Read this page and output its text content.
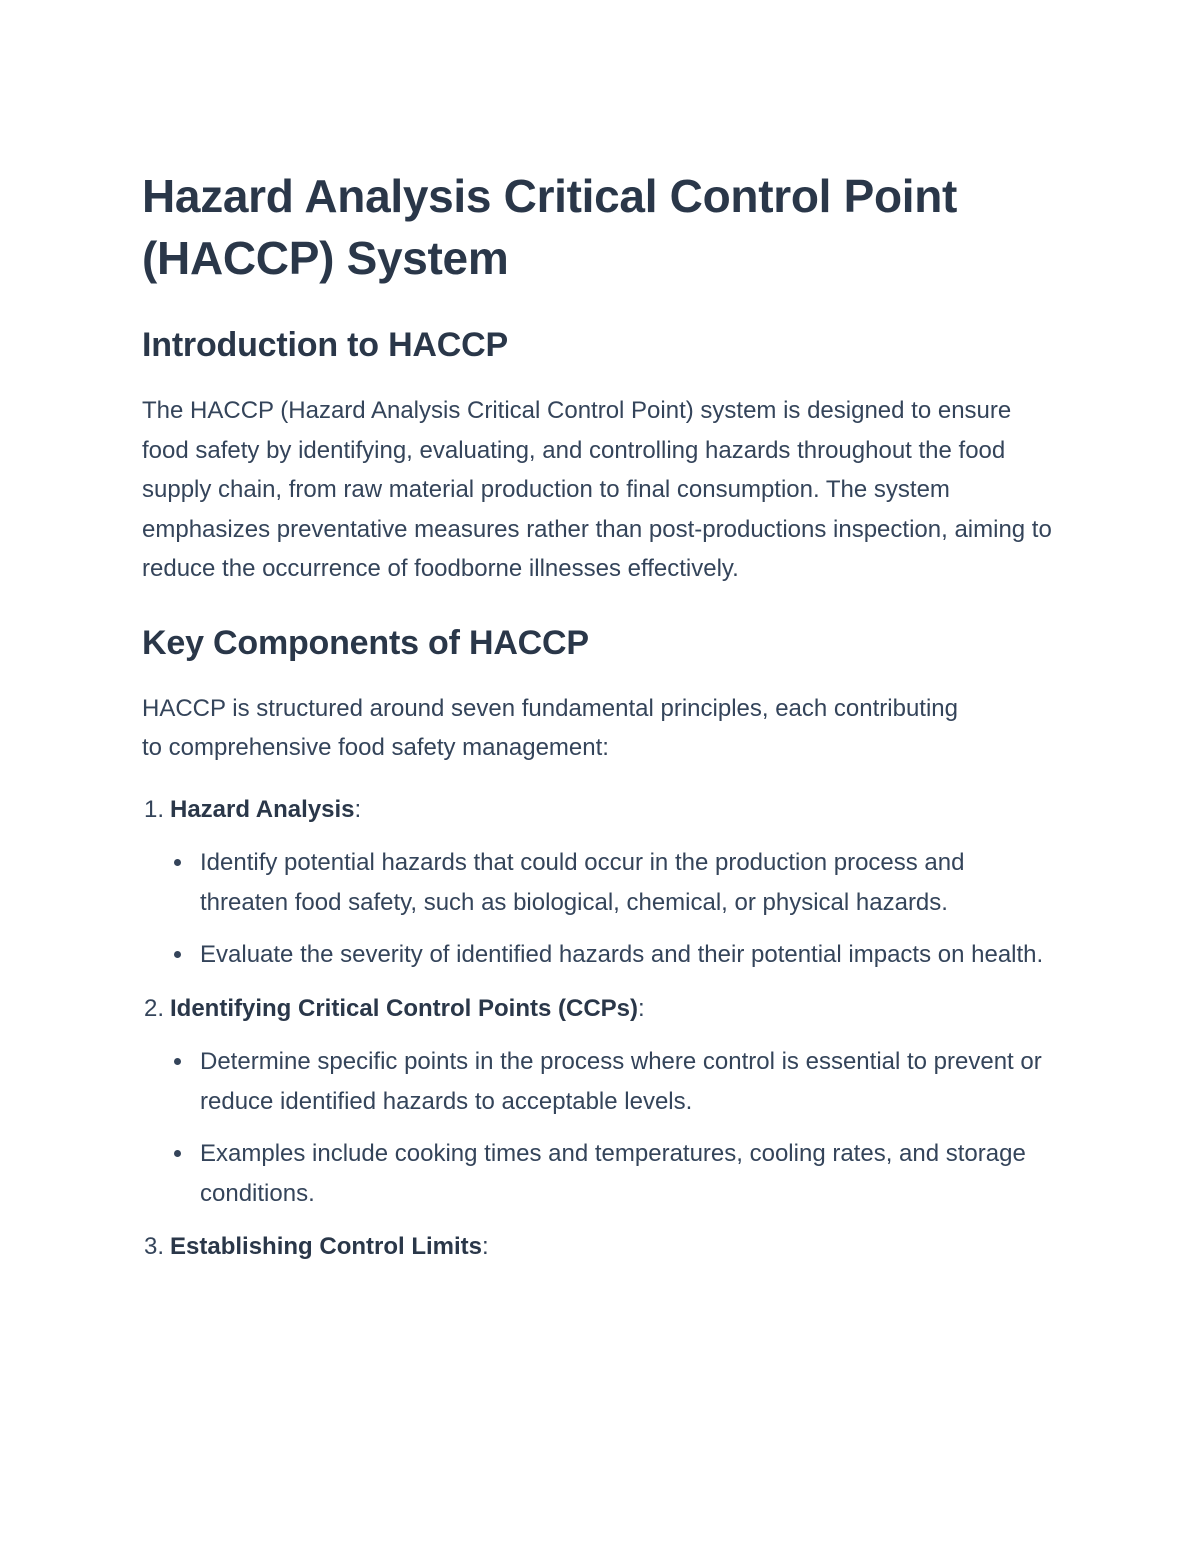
Hazard Analysis Critical Control Point (HACCP) System
Introduction to HACCP

The HACCP (Hazard Analysis Critical Control Point) system is designed to ensure food safety by identifying, evaluating, and controlling hazards throughout the food supply chain, from raw material production to final consumption. The system emphasizes preventative measures rather than post-productions inspection, aiming to reduce the occurrence of foodborne illnesses effectively.

Key Components of HACCP

HACCP is structured around seven fundamental principles, each contributing to comprehensive food safety management:

1. Hazard Analysis:
Identify potential hazards that could occur in the production process and threaten food safety, such as biological, chemical, or physical hazards.
Evaluate the severity of identified hazards and their potential impacts on health.
2. Identifying Critical Control Points (CCPs):
Determine specific points in the process where control is essential to prevent or reduce identified hazards to acceptable levels.
Examples include cooking times and temperatures, cooling rates, and storage conditions.
3. Establishing Control Limits:
